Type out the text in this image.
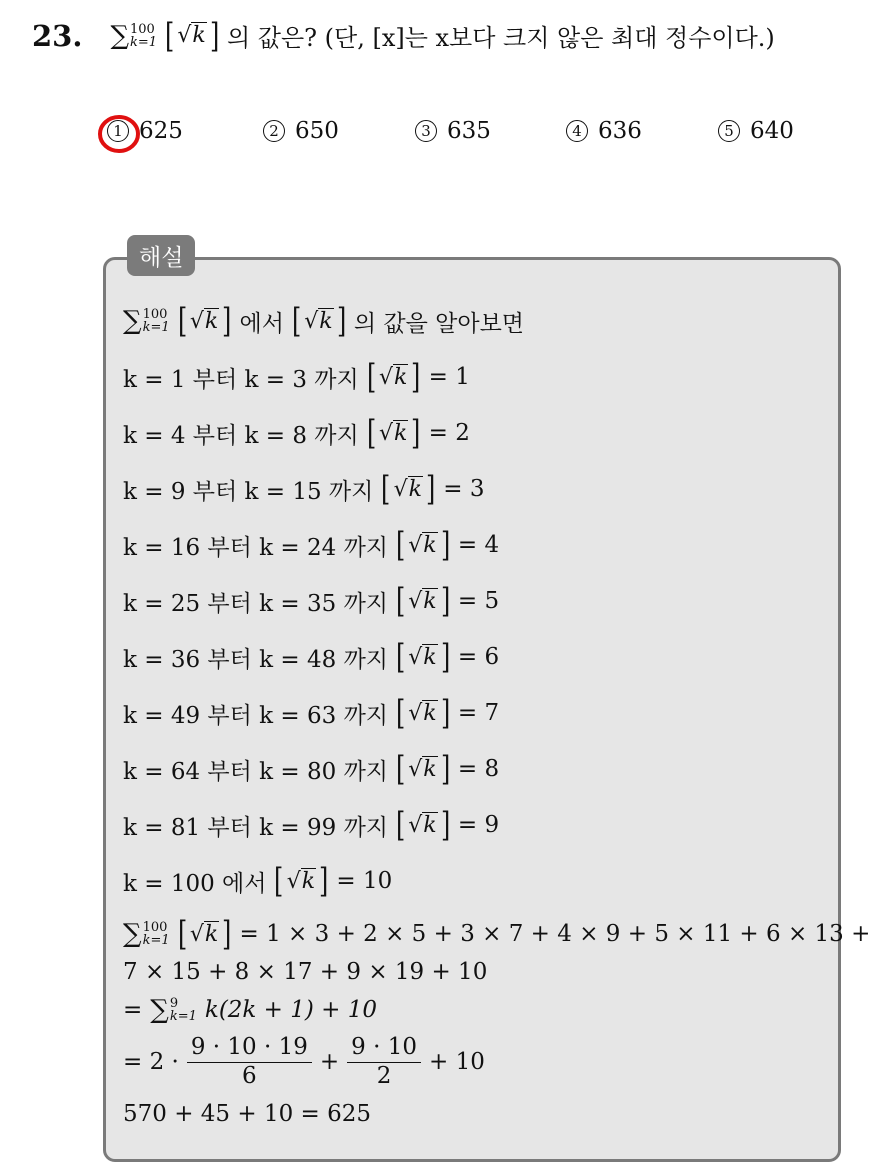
23. ∑ 100
k=1 [ √k ] 의 값은? (단, [x]는 x보다 크지 않은 최대 정수이다.)
1 625	2 650	3 635	4 636	5 640
해설
∑ 100
k=1 [ √k ] 에서 [ √k ] 의 값을 알아보면
k = 1 부터 k = 3 까지 [ √k ] = 1
k = 4 부터 k = 8 까지 [ √k ] = 2
k = 9 부터 k = 15 까지 [ √k ] = 3
k = 16 부터 k = 24 까지 [ √k ] = 4
k = 25 부터 k = 35 까지 [ √k ] = 5
k = 36 부터 k = 48 까지 [ √k ] = 6
k = 49 부터 k = 63 까지 [ √k ] = 7
k = 64 부터 k = 80 까지 [ √k ] = 8
k = 81 부터 k = 99 까지 [ √k ] = 9
k = 100 에서 [ √k ] = 10
∑ 100
k=1 [ √k ] = 1 × 3 + 2 × 5 + 3 × 7 + 4 × 9 + 5 × 11 + 6 × 13 +
7 × 15 + 8 × 17 + 9 × 19 + 10
= ∑ 9
k=1 k(2k + 1) + 10
= $2 \cdot \frac{9 \cdot 10 \cdot 19}{6} + \frac{9 \cdot 10}{2} + 10$
570 + 45 + 10 = 625
